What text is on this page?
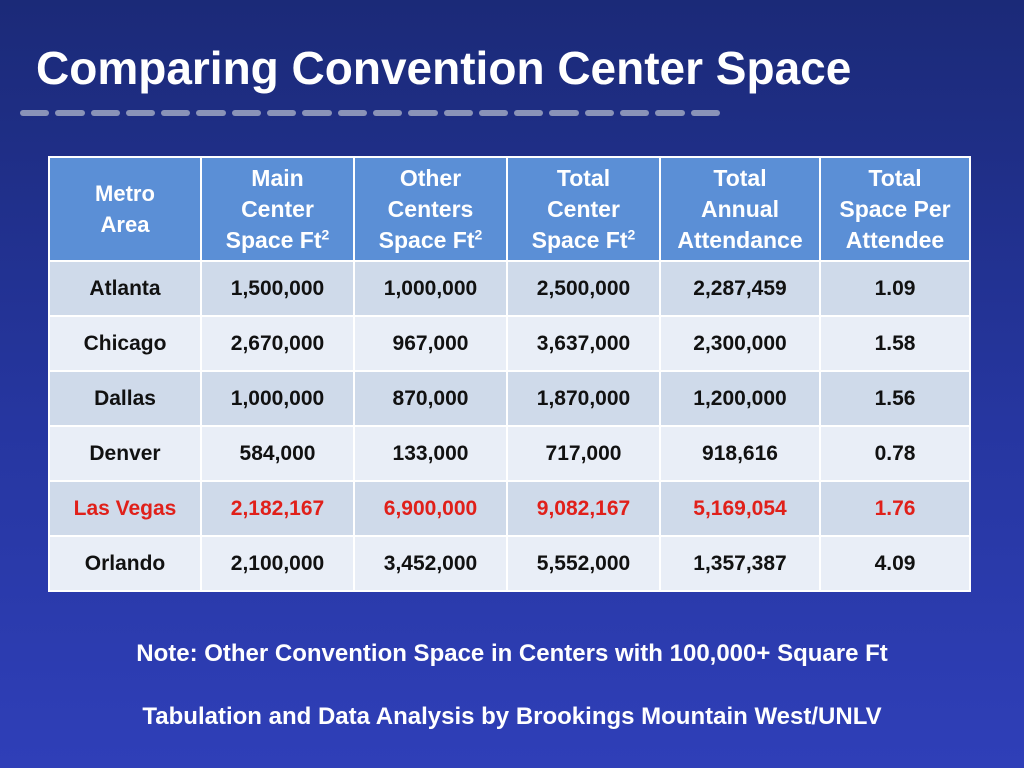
Comparing Convention Center Space
Metro
Area	Main
Center
Space Ft$^2$	Other
Centers
Space Ft$^2$	Total
Center
Space Ft$^2$	Total
Annual
Attendance	Total
Space Per
Attendee
Atlanta	1,500,000	1,000,000	2,500,000	2,287,459	1.09
Chicago	2,670,000	967,000	3,637,000	2,300,000	1.58
Dallas	1,000,000	870,000	1,870,000	1,200,000	1.56
Denver	584,000	133,000	717,000	918,616	0.78
Las Vegas	2,182,167	6,900,000	9,082,167	5,169,054	1.76
Orlando	2,100,000	3,452,000	5,552,000	1,357,387	4.09
Note: Other Convention Space in Centers with 100,000+ Square Ft
Tabulation and Data Analysis by Brookings Mountain West/UNLV
